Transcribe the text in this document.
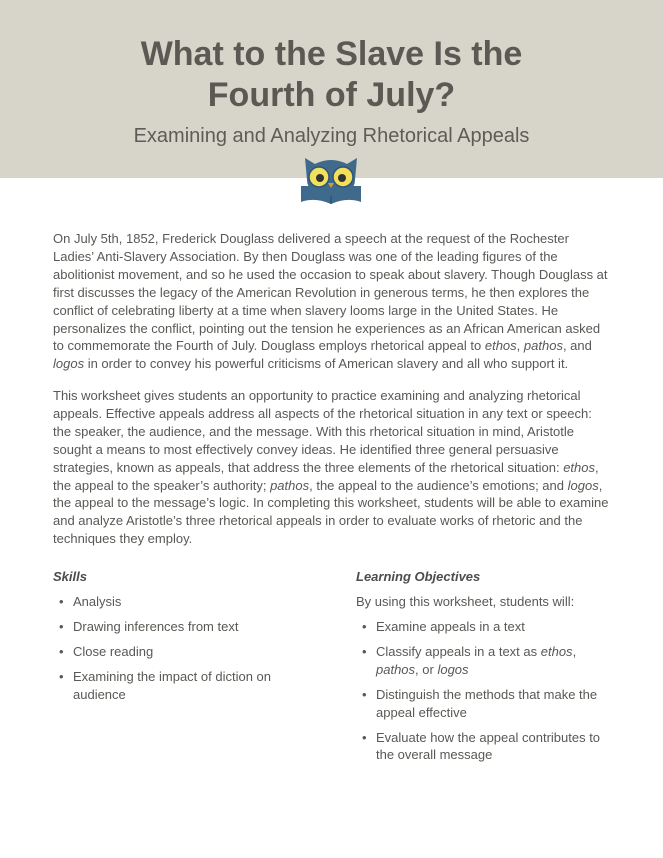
What to the Slave Is the
Fourth of July?
Examining and Analyzing Rhetorical Appeals

On July 5th, 1852, Frederick Douglass delivered a speech at the request of the Rochester Ladies’ Anti-Slavery Association. By then Douglass was one of the leading figures of the abolitionist movement, and so he used the occasion to speak about slavery. Though Douglass at first discusses the legacy of the American Revolution in generous terms, he then explores the conflict of celebrating liberty at a time when slavery looms large in the United States. He personalizes the conflict, pointing out the tension he experiences as an African American asked to commemorate the Fourth of July. Douglass employs rhetorical appeal to ethos, pathos, and logos in order to convey his powerful criticisms of American slavery and all who support it.

This worksheet gives students an opportunity to practice examining and analyzing rhetorical appeals. Effective appeals address all aspects of the rhetorical situation in any text or speech: the speaker, the audience, and the message. With this rhetorical situation in mind, Aristotle sought a means to most effectively convey ideas. He identified three general persuasive strategies, known as appeals, that address the three elements of the rhetorical situation: ethos, the appeal to the speaker’s authority; pathos, the appeal to the audience’s emotions; and logos, the appeal to the message’s logic. In completing this worksheet, students will be able to examine and analyze Aristotle’s three rhetorical appeals in order to evaluate works of rhetoric and the techniques they employ.

Skills

• Analysis
• Drawing inferences from text
• Close reading
• Examining the impact of diction on audience

Learning Objectives

By using this worksheet, students will:

• Examine appeals in a text
• Classify appeals in a text as ethos, pathos, or logos
• Distinguish the methods that make the appeal effective
• Evaluate how the appeal contributes to the overall message
